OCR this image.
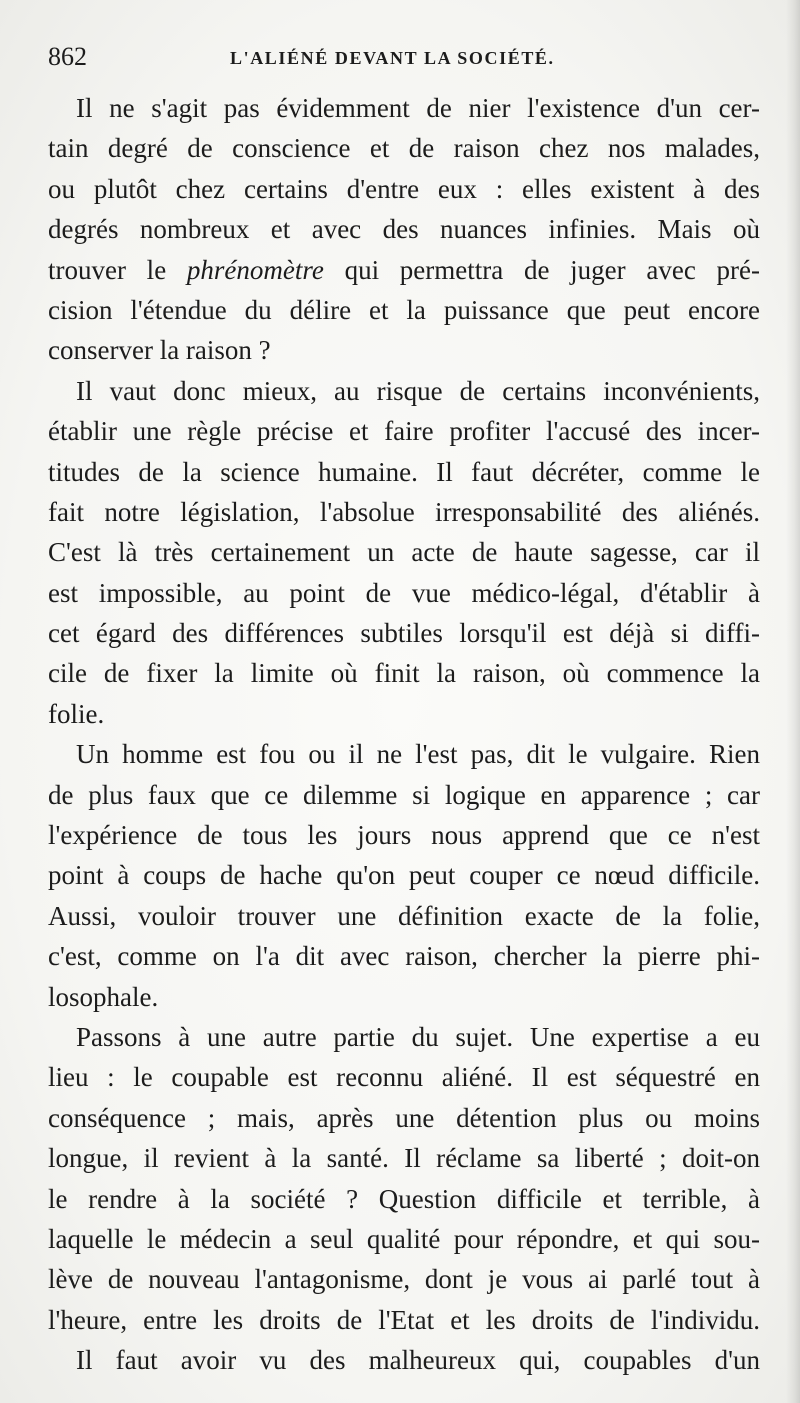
862	L'ALIÉNÉ DEVANT LA SOCIÉTÉ.
Il ne s'agit pas évidemment de nier l'existence d'un cer-
tain degré de conscience et de raison chez nos malades,
ou plutôt chez certains d'entre eux : elles existent à des
degrés nombreux et avec des nuances infinies. Mais où
trouver le phrénomètre qui permettra de juger avec pré-
cision l'étendue du délire et la puissance que peut encore
conserver la raison ?
Il vaut donc mieux, au risque de certains inconvénients,
établir une règle précise et faire profiter l'accusé des incer-
titudes de la science humaine. Il faut décréter, comme le
fait notre législation, l'absolue irresponsabilité des aliénés.
C'est là très certainement un acte de haute sagesse, car il
est impossible, au point de vue médico-légal, d'établir à
cet égard des différences subtiles lorsqu'il est déjà si diffi-
cile de fixer la limite où finit la raison, où commence la
folie.
Un homme est fou ou il ne l'est pas, dit le vulgaire. Rien
de plus faux que ce dilemme si logique en apparence ; car
l'expérience de tous les jours nous apprend que ce n'est
point à coups de hache qu'on peut couper ce nœud difficile.
Aussi, vouloir trouver une définition exacte de la folie,
c'est, comme on l'a dit avec raison, chercher la pierre phi-
losophale.
Passons à une autre partie du sujet. Une expertise a eu
lieu : le coupable est reconnu aliéné. Il est séquestré en
conséquence ; mais, après une détention plus ou moins
longue, il revient à la santé. Il réclame sa liberté ; doit-on
le rendre à la société ? Question difficile et terrible, à
laquelle le médecin a seul qualité pour répondre, et qui sou-
lève de nouveau l'antagonisme, dont je vous ai parlé tout à
l'heure, entre les droits de l'Etat et les droits de l'individu.
Il faut avoir vu des malheureux qui, coupables d'un
